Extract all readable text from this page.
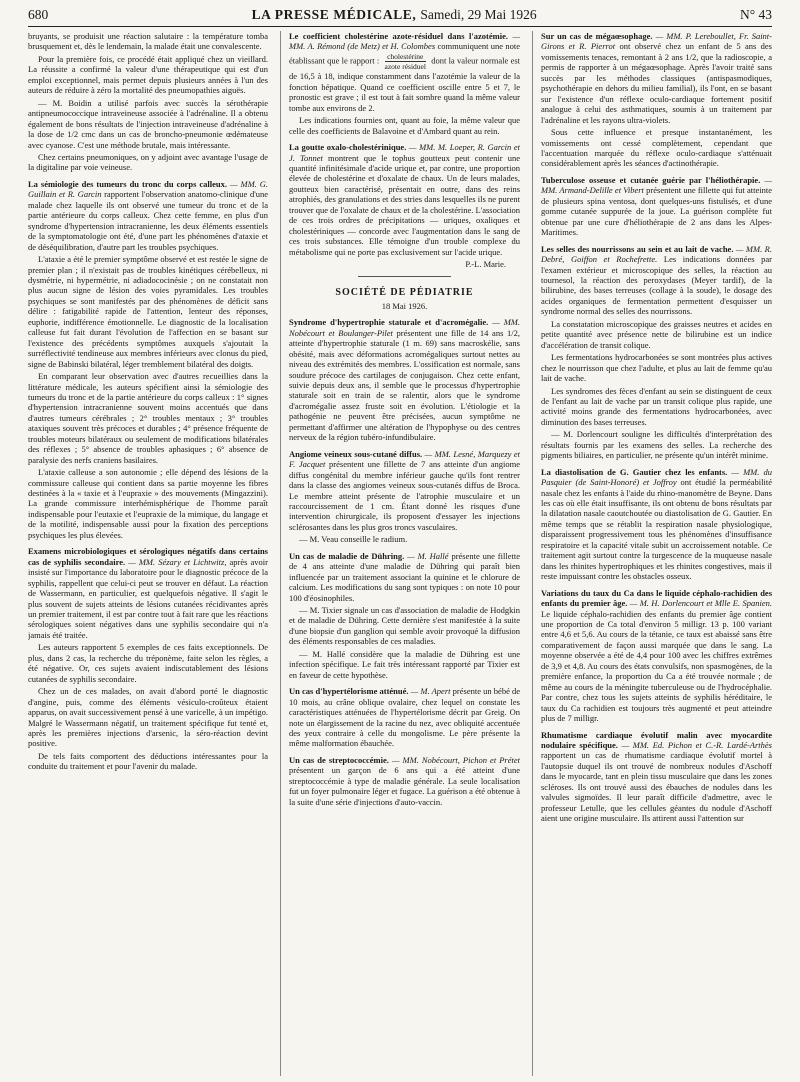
680	LA PRESSE MÉDICALE, Samedi, 29 Mai 1926	N° 43

bruyants, se produisit une réaction salutaire : la température tomba brusquement et, dès le lendemain, la malade était une convalescente.

Pour la première fois, ce procédé était appliqué chez un vieillard. La réussite a confirmé la valeur d'une thérapeutique qui est d'un emploi exceptionnel, mais permet depuis plusieurs années à l'un des auteurs de réduire à zéro la mortalité des pneumopathies aiguës.

— M. Boidin a utilisé parfois avec succès la sérothérapie antipneumococcique intraveineuse associée à l'adrénaline. Il a obtenu également de bons résultats de l'injection intraveineuse d'adrénaline à la dose de 1/2 cmc dans un cas de broncho-pneumonie œdémateuse avec cyanose. C'est une méthode brutale, mais intéressante.

Chez certains pneumoniques, on y adjoint avec avantage l'usage de la digitaline par voie veineuse.

La sémiologie des tumeurs du tronc du corps calleux. — MM. G. Guillain et R. Garcin rapportent l'observation anatomo-clinique d'une malade chez laquelle ils ont observé une tumeur du tronc et de la partie antérieure du corps calleux. Chez cette femme, en plus d'un syndrome d'hypertension intracranienne, les deux éléments essentiels de la symptomatologie ont été, d'une part les phénomènes d'ataxie et de déséquilibration, d'autre part les troubles psychiques.

L'ataxie a été le premier symptôme observé et est restée le signe de premier plan ; il n'existait pas de troubles kinétiques cérébelleux, ni dysmétrie, ni hypermétrie, ni adiadococinésie ; on ne constatait non plus aucun signe de lésion des voies pyramidales. Les troubles psychiques se sont manifestés par des phénomènes de déficit sans délire : fatigabilité rapide de l'attention, lenteur des réponses, euphorie, indifférence émotionnelle. Le diagnostic de la localisation calleuse fut fait durant l'évolution de l'affection en se basant sur l'existence des précédents symptômes auxquels s'ajoutait la surréflectivité tendineuse aux membres inférieurs avec clonus du pied, signe de Babinski bilatéral, léger tremblement bilatéral des doigts.

En comparant leur observation avec d'autres recueillies dans la littérature médicale, les auteurs spécifient ainsi la sémiologie des tumeurs du tronc et de la partie antérieure du corps calleux : 1° signes d'hypertension intracranienne souvent moins accentués que dans d'autres tumeurs cérébrales ; 2° troubles mentaux ; 3° troubles ataxiques souvent très précoces et durables ; 4° présence fréquente de troubles moteurs bilatéraux ou seulement de modifications bilatérales des réflexes ; 5° absence de troubles aphasiques ; 6° absence de paralysie des nerfs craniens basilaires.

L'ataxie calleuse a son autonomie ; elle dépend des lésions de la commissure calleuse qui contient dans sa partie moyenne les fibres destinées à la « taxie et à l'eupraxie » des mouvements (Mingazzini). La grande commissure interhémisphérique de l'homme paraît indispensable pour l'eutaxie et l'eupraxie de la mimique, du langage et de la motilité, indispensable aussi pour la fixation des perceptions psychiques les plus élevées.

Examens microbiologiques et sérologiques négatifs dans certains cas de syphilis secondaire. — MM. Sézary et Lichtwitz, après avoir insisté sur l'importance du laboratoire pour le diagnostic précoce de la syphilis, rappellent que celui-ci peut se trouver en défaut. La réaction de Wassermann, en particulier, est quelquefois négative. Il s'agit le plus souvent de sujets atteints de lésions cutanées récidivantes après un premier traitement, il est par contre tout à fait rare que les réactions sérologiques soient négatives dans une syphilis secondaire qui n'a jamais été traitée.

Les auteurs rapportent 5 exemples de ces faits exceptionnels. De plus, dans 2 cas, la recherche du tréponème, faite selon les règles, a été négative. Or, ces sujets avaient indiscutablement des lésions cutanées de syphilis secondaire.

Chez un de ces malades, on avait d'abord porté le diagnostic d'angine, puis, comme des éléments vésiculo-croûteux étaient apparus, on avait successivement pensé à une varicelle, à un impétigo. Malgré le Wassermann négatif, un traitement spécifique fut tenté et, après les premières injections d'arsenic, la séro-réaction devint positive.

De tels faits comportent des déductions intéressantes pour la conduite du traitement et pour l'avenir du malade.

Le coefficient cholestérine azote-résiduel dans l'azotémie. — MM. A. Rémond (de Metz) et H. Colombes communiquent une note établissant que le rapport :	cholestérine
azote résiduel
dont la valeur normale est de 16,5 à 18, indique constamment dans l'azotémie la valeur de la fonction hépatique. Quand ce coefficient oscille entre 5 et 7, le pronostic est grave ; il est tout à fait sombre quand la même valeur tombe aux environs de 2.

Les indications fournies ont, quant au foie, la même valeur que celle des coefficients de Balavoine et d'Ambard quant au rein.

La goutte oxalo-cholestérinique. — MM. M. Loeper, R. Garcin et J. Tonnet montrent que le tophus goutteux peut contenir une quantité infinitésimale d'acide urique et, par contre, une proportion élevée de cholestérine et d'oxalate de chaux. Un de leurs malades, goutteux bien caractérisé, présentait en outre, dans des reins atrophiés, des granulations et des stries dans lesquelles ils ne purent trouver que de l'oxalate de chaux et de la cholestérine. L'association de ces trois ordres de précipitations — uriques, oxaliques et cholestériniques — concorde avec l'augmentation dans le sang de ces trois substances. Elle témoigne d'un trouble complexe du métabolisme qui ne porte pas exclusivement sur l'acide urique.

P.-L. Marie.

SOCIÉTÉ DE PÉDIATRIE

18 Mai 1926.

Syndrome d'hypertrophie staturale et d'acromégalie. — MM. Nobécourt et Boulanger-Pilet présentent une fille de 14 ans 1/2, atteinte d'hypertrophie staturale (1 m. 69) sans macroskélie, sans obésité, mais avec déformations acromégaliques surtout nettes au niveau des extrémités des membres. L'ossification est normale, sans soudure précoce des cartilages de conjugaison. Chez cette enfant, suivie depuis deux ans, il semble que le processus d'hypertrophie staturale soit en train de se ralentir, alors que le syndrome d'acromégalie assez fruste soit en évolution. L'étiologie et la pathogénie ne peuvent être précisées, aucun symptôme ne permettant d'affirmer une altération de l'hypophyse ou des centres nerveux de la région tubéro-infundibulaire.

Angiome veineux sous-cutané diffus. — MM. Lesné, Marquezy et F. Jacquet présentent une fillette de 7 ans atteinte d'un angiome diffus congénital du membre inférieur gauche qu'ils font rentrer dans la classe des angiomes veineux sous-cutanés diffus de Broca. Le membre atteint présente de l'atrophie musculaire et un raccourcissement de 1 cm. Étant donné les risques d'une intervention chirurgicale, ils proposent d'essayer les injections sclérosantes dans les plus gros troncs vasculaires.

— M. Veau conseille le radium.

Un cas de maladie de Dühring. — M. Hallé présente une fillette de 4 ans atteinte d'une maladie de Dühring qui paraît bien influencée par un traitement associant la quinine et le chlorure de calcium. Les modifications du sang sont typiques : on note 10 pour 100 d'éosinophiles.

— M. Tixier signale un cas d'association de maladie de Hodgkin et de maladie de Dühring. Cette dernière s'est manifestée à la suite d'une biopsie d'un ganglion qui semble avoir provoqué la diffusion des éléments responsables de ces maladies.

— M. Hallé considère que la maladie de Dühring est une infection spécifique. Le fait très intéressant rapporté par Tixier est en faveur de cette hypothèse.

Un cas d'hypertélorisme atténué. — M. Apert présente un bébé de 10 mois, au crâne oblique ovalaire, chez lequel on constate les caractéristiques atténuées de l'hypertélorisme décrit par Greig. On note un élargissement de la racine du nez, avec obliquité accentuée des yeux contraire à celle du mongolisme. Le père présente la même malformation ébauchée.

Un cas de streptococcémie. — MM. Nobécourt, Pichon et Prétet présentent un garçon de 6 ans qui a été atteint d'une streptococcémie à type de maladie générale. La seule localisation fut un foyer pulmonaire léger et fugace. La guérison a été obtenue à la suite d'une série d'injections d'auto-vaccin.

Sur un cas de mégaœsophage. — MM. P. Lereboullet, Fr. Saint-Girons et R. Pierrot ont observé chez un enfant de 5 ans des vomissements tenaces, remontant à 2 ans 1/2, que la radioscopie, a permis de rapporter à un mégaœsophage. Après l'avoir traité sans succès par les méthodes classiques (antispasmodiques, psychothérapie en dehors du milieu familial), ils l'ont, en se basant sur l'existence d'un réflexe oculo-cardiaque fortement positif analogue à celui des asthmatiques, soumis à un traitement par l'adrénaline et les rayons ultra-violets.

Sous cette influence et presque instantanément, les vomissements ont cessé complètement, cependant que l'accentuation marquée du réflexe oculo-cardiaque s'atténuait considérablement après les séances d'actinothérapie.

Tuberculose osseuse et cutanée guérie par l'héliothérapie. — MM. Armand-Delille et Vibert présentent une fillette qui fut atteinte de plusieurs spina ventosa, dont quelques-uns fistulisés, et d'une gomme cutanée suppurée de la joue. La guérison complète fut obtenue par une cure d'héliothérapie de 2 ans dans les Alpes-Maritimes.

Les selles des nourrissons au sein et au lait de vache. — MM. R. Debré, Goiffon et Rochefrette. Les indications données par l'examen extérieur et microscopique des selles, la réaction au tournesol, la réaction des peroxydases (Meyer tardif), de la bilirubine, des bases terreuses (collage à la soude), le dosage des acides organiques de fermentation permettent d'esquisser un syndrome normal des selles des nourrissons.

La constatation microscopique des graisses neutres et acides en petite quantité avec présence nette de bilirubine est un indice d'accélération de transit colique.

Les fermentations hydrocarbonées se sont montrées plus actives chez le nourrisson que chez l'adulte, et plus au lait de femme qu'au lait de vache.

Les syndromes des fèces d'enfant au sein se distinguent de ceux de l'enfant au lait de vache par un transit colique plus rapide, une activité moins grande des fermentations hydrocarbonées, avec diminution des bases terreuses.

— M. Dorlencourt souligne les difficultés d'interprétation des résultats fournis par les examens des selles. La recherche des pigments biliaires, en particulier, ne présente qu'un intérêt minime.

La diastolisation de G. Gautier chez les enfants. — MM. du Pasquier (de Saint-Honoré) et Joffroy ont étudié la perméabilité nasale chez les enfants à l'aide du rhino-manomètre de Beyne. Dans les cas où elle était insuffisante, ils ont obtenu de bons résultats par la dilatation nasale caoutchoutée ou diastolisation de G. Gautier. En même temps que se rétablit la respiration nasale physiologique, disparaissent progressivement tous les phénomènes d'insuffisance respiratoire et la capacité vitale subit un accroissement notable. Ce traitement agit surtout contre la turgescence de la muqueuse nasale dans les rhinites hypertrophiques et les rhinites congestives, mais il reste impuissant contre les obstacles osseux.

Variations du taux du Ca dans le liquide céphalo-rachidien des enfants du premier âge. — M. H. Dorlencourt et Mlle E. Spanien. Le liquide céphalo-rachidien des enfants du premier âge contient une proportion de Ca total d'environ 5 milligr. 13 p. 100 variant entre 4,6 et 5,6. Au cours de la tétanie, ce taux est abaissé sans être comparativement de façon aussi marquée que dans le sang. La moyenne observée a été de 4,4 pour 100 avec les chiffres extrêmes de 3,9 et 4,8. Au cours des états convulsifs, non spasmogènes, de la première enfance, la proportion du Ca a été trouvée normale ; de même au cours de la méningite tuberculeuse ou de l'hydrocéphalie. Par contre, chez tous les sujets atteints de syphilis héréditaire, le taux du Ca rachidien est toujours très augmenté et peut atteindre plus de 7 milligr.

Rhumatisme cardiaque évolutif malin avec myocardite nodulaire spécifique. — MM. Ed. Pichon et C.-R. Lardé-Arthès rapportent un cas de rhumatisme cardiaque évolutif mortel à l'autopsie duquel ils ont trouvé de nombreux nodules d'Aschoff dans le myocarde, tant en plein tissu musculaire que dans les zones scléroses. Ils ont trouvé aussi des ébauches de nodules dans les valvules sigmoïdes. Il leur paraît difficile d'admettre, avec le professeur Letulle, que les cellules géantes du nodule d'Aschoff aient une origine musculaire. Ils attirent aussi l'attention sur
